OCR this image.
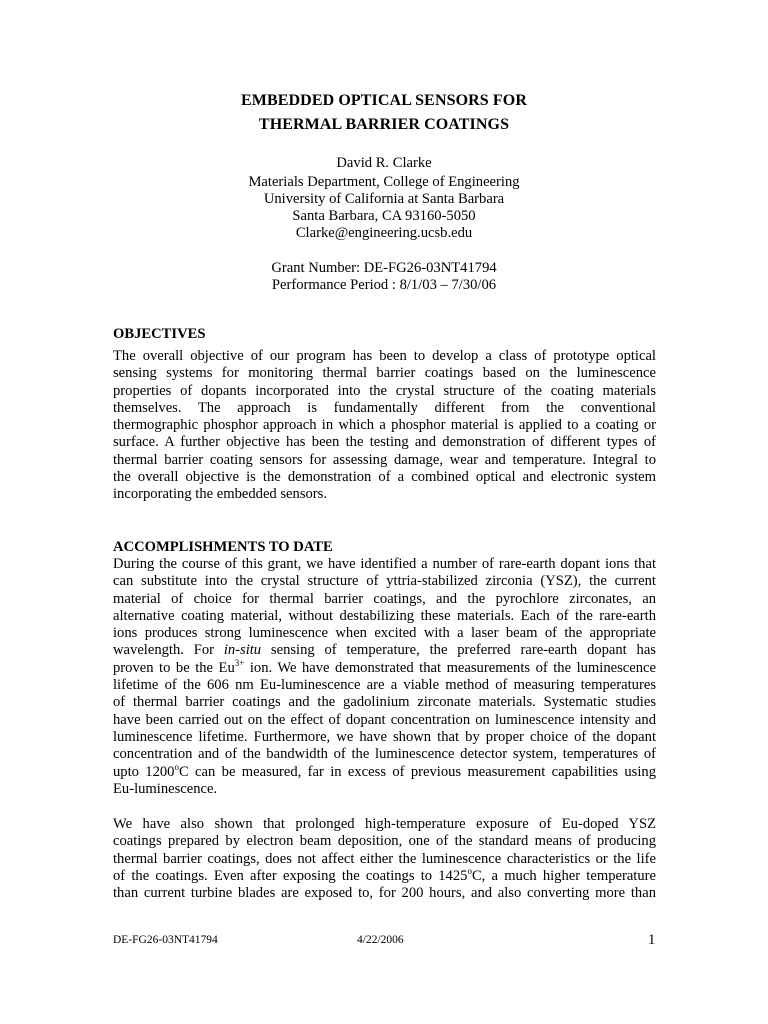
EMBEDDED OPTICAL SENSORS FOR
THERMAL BARRIER COATINGS
David R. Clarke
Materials Department, College of Engineering
University of California at Santa Barbara
Santa Barbara, CA 93160-5050
Clarke@engineering.ucsb.edu
Grant Number: DE-FG26-03NT41794
Performance Period : 8/1/03 – 7/30/06
OBJECTIVES
The overall objective of our program has been to develop a class of prototype optical
sensing systems for monitoring thermal barrier coatings based on the luminescence
properties of dopants incorporated into the crystal structure of the coating materials
themselves. The approach is fundamentally different from the conventional
thermographic phosphor approach in which a phosphor material is applied to a coating or
surface. A further objective has been the testing and demonstration of different types of
thermal barrier coating sensors for assessing damage, wear and temperature. Integral to
the overall objective is the demonstration of a combined optical and electronic system
incorporating the embedded sensors.
ACCOMPLISHMENTS TO DATE
During the course of this grant, we have identified a number of rare-earth dopant ions that
can substitute into the crystal structure of yttria-stabilized zirconia (YSZ), the current
material of choice for thermal barrier coatings, and the pyrochlore zirconates, an
alternative coating material, without destabilizing these materials. Each of the rare-earth
ions produces strong luminescence when excited with a laser beam of the appropriate
wavelength. For in-situ sensing of temperature, the preferred rare-earth dopant has
proven to be the $Eu^{3+}$ ion. We have demonstrated that measurements of the luminescence
lifetime of the 606 nm Eu-luminescence are a viable method of measuring temperatures
of thermal barrier coatings and the gadolinium zirconate materials. Systematic studies
have been carried out on the effect of dopant concentration on luminescence intensity and
luminescence lifetime. Furthermore, we have shown that by proper choice of the dopant
concentration and of the bandwidth of the luminescence detector system, temperatures of
upto 1200$^o$C can be measured, far in excess of previous measurement capabilities using
Eu-luminescence.
We have also shown that prolonged high-temperature exposure of Eu-doped YSZ
coatings prepared by electron beam deposition, one of the standard means of producing
thermal barrier coatings, does not affect either the luminescence characteristics or the life
of the coatings. Even after exposing the coatings to 1425$^o$C, a much higher temperature
than current turbine blades are exposed to, for 200 hours, and also converting more than
DE-FG26-03NT41794	4/22/2006	1
